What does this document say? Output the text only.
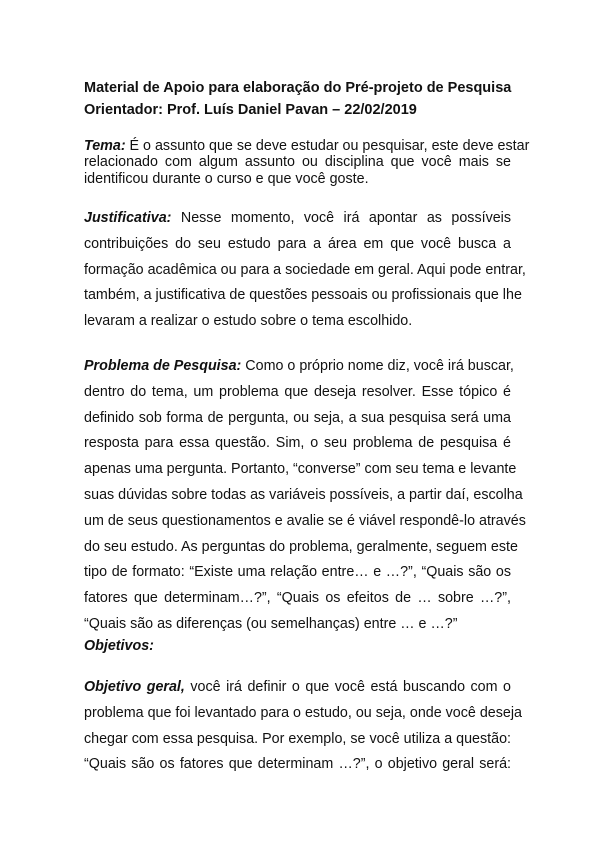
Material de Apoio para elaboração do Pré-projeto de Pesquisa
Orientador: Prof. Luís Daniel Pavan – 22/02/2019
Tema: É o assunto que se deve estudar ou pesquisar, este deve estar
relacionado com algum assunto ou disciplina que você mais se
identificou durante o curso e que você goste.
Justificativa: Nesse momento, você irá apontar as possíveis
contribuições do seu estudo para a área em que você busca a
formação acadêmica ou para a sociedade em geral. Aqui pode entrar,
também, a justificativa de questões pessoais ou profissionais que lhe
levaram a realizar o estudo sobre o tema escolhido.
Problema de Pesquisa: Como o próprio nome diz, você irá buscar,
dentro do tema, um problema que deseja resolver. Esse tópico é
definido sob forma de pergunta, ou seja, a sua pesquisa será uma
resposta para essa questão. Sim, o seu problema de pesquisa é
apenas uma pergunta. Portanto, “converse” com seu tema e levante
suas dúvidas sobre todas as variáveis possíveis, a partir daí, escolha
um de seus questionamentos e avalie se é viável respondê-lo através
do seu estudo. As perguntas do problema, geralmente, seguem este
tipo de formato: “Existe uma relação entre… e …?”, “Quais são os
fatores que determinam…?”, “Quais os efeitos de … sobre …?”,
“Quais são as diferenças (ou semelhanças) entre … e …?”
Objetivos:
Objetivo geral, você irá definir o que você está buscando com o
problema que foi levantado para o estudo, ou seja, onde você deseja
chegar com essa pesquisa. Por exemplo, se você utiliza a questão:
“Quais são os fatores que determinam …?”, o objetivo geral será:
